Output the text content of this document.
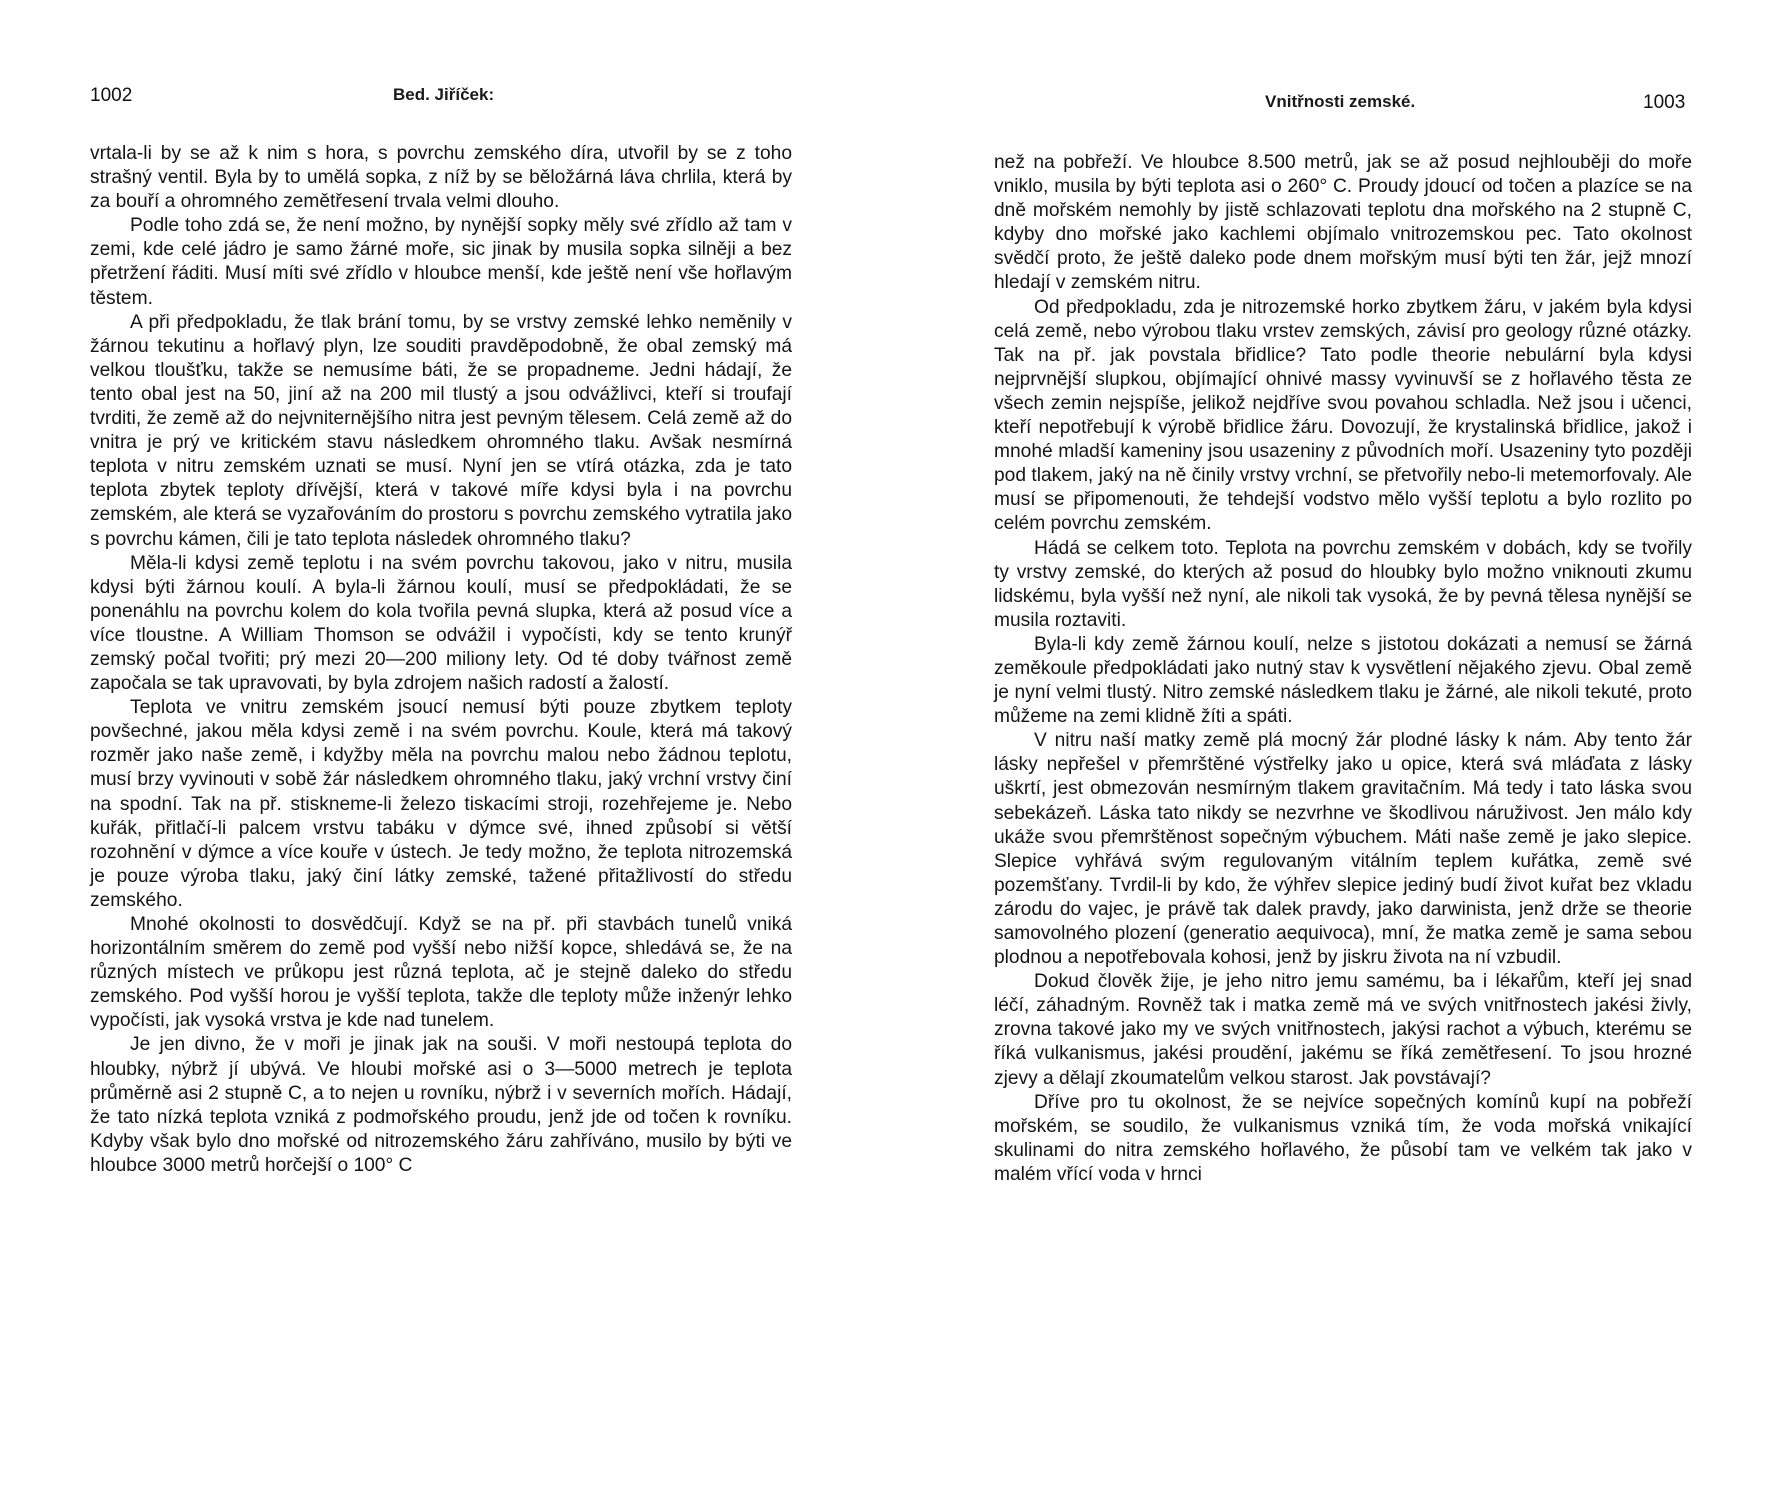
1002	Bed. Jiříček:

vrtala-li by se až k nim s hora, s povrchu zemského díra, utvořil by se z toho strašný ventil. Byla by to umělá sopka, z níž by se běložárná láva chrlila, která by za bouří a ohromného zemětřesení trvala velmi dlouho.

Podle toho zdá se, že není možno, by nynější sopky měly své zřídlo až tam v zemi, kde celé jádro je samo žárné moře, sic jinak by musila sopka silněji a bez přetržení řáditi. Musí míti své zřídlo v hloubce menší, kde ještě není vše hořlavým těstem.

A při předpokladu, že tlak brání tomu, by se vrstvy zemské lehko neměnily v žárnou tekutinu a hořlavý plyn, lze souditi pravděpodobně, že obal zemský má velkou tloušťku, takže se nemusíme báti, že se propadneme. Jedni hádají, že tento obal jest na 50, jiní až na 200 mil tlustý a jsou odvážlivci, kteří si troufají tvrditi, že země až do nejvniternějšího nitra jest pevným tělesem. Celá země až do vnitra je prý ve kritickém stavu následkem ohromného tlaku. Avšak nesmírná teplota v nitru zemském uznati se musí. Nyní jen se vtírá otázka, zda je tato teplota zbytek teploty dřívější, která v takové míře kdysi byla i na povrchu zemském, ale která se vyzařováním do prostoru s povrchu zemského vytratila jako s povrchu kámen, čili je tato teplota následek ohromného tlaku?

Měla-li kdysi země teplotu i na svém povrchu takovou, jako v nitru, musila kdysi býti žárnou koulí. A byla-li žárnou koulí, musí se předpokládati, že se ponenáhlu na povrchu kolem do kola tvořila pevná slupka, která až posud více a více tloustne. A William Thomson se odvážil i vypočísti, kdy se tento krunýř zemský počal tvořiti; prý mezi 20—200 miliony lety. Od té doby tvářnost země započala se tak upravovati, by byla zdrojem našich radostí a žalostí.

Teplota ve vnitru zemském jsoucí nemusí býti pouze zbytkem teploty povšechné, jakou měla kdysi země i na svém povrchu. Koule, která má takový rozměr jako naše země, i kdyžby měla na povrchu malou nebo žádnou teplotu, musí brzy vyvinouti v sobě žár následkem ohromného tlaku, jaký vrchní vrstvy činí na spodní. Tak na př. stiskneme-li železo tiskacími stroji, rozehřejeme je. Nebo kuřák, přitlačí-li palcem vrstvu tabáku v dýmce své, ihned způsobí si větší rozohnění v dýmce a více kouře v ústech. Je tedy možno, že teplota nitrozemská je pouze výroba tlaku, jaký činí látky zemské, tažené přitažlivostí do středu zemského.

Mnohé okolnosti to dosvědčují. Když se na př. při stavbách tunelů vniká horizontálním směrem do země pod vyšší nebo nižší kopce, shledává se, že na různých místech ve průkopu jest různá teplota, ač je stejně daleko do středu zemského. Pod vyšší horou je vyšší teplota, takže dle teploty může inženýr lehko vypočísti, jak vysoká vrstva je kde nad tunelem.

Je jen divno, že v moři je jinak jak na souši. V moři nestoupá teplota do hloubky, nýbrž jí ubývá. Ve hloubi mořské asi o 3—5000 metrech je teplota průměrně asi 2 stupně C, a to nejen u rovníku, nýbrž i v severních mořích. Hádají, že tato nízká teplota vzniká z podmořského proudu, jenž jde od točen k rovníku. Kdyby však bylo dno mořské od nitrozemského žáru zahříváno, musilo by býti ve hloubce 3000 metrů horčejší o 100° C

Vnitřnosti zemské.	1003

než na pobřeží. Ve hloubce 8.500 metrů, jak se až posud nejhlouběji do moře vniklo, musila by býti teplota asi o 260° C. Proudy jdoucí od točen a plazíce se na dně mořském nemohly by jistě schlazovati teplotu dna mořského na 2 stupně C, kdyby dno mořské jako kachlemi objímalo vnitrozemskou pec. Tato okolnost svědčí proto, že ještě daleko pode dnem mořským musí býti ten žár, jejž mnozí hledají v zemském nitru.

Od předpokladu, zda je nitrozemské horko zbytkem žáru, v jakém byla kdysi celá země, nebo výrobou tlaku vrstev zemských, závisí pro geology různé otázky. Tak na př. jak povstala břidlice? Tato podle theorie nebulární byla kdysi nejprvnější slupkou, objímající ohnivé massy vyvinuvší se z hořlavého těsta ze všech zemin nejspíše, jelikož nejdříve svou povahou schladla. Než jsou i učenci, kteří nepotřebují k výrobě břidlice žáru. Dovozují, že krystalinská břidlice, jakož i mnohé mladší kameniny jsou usazeniny z původních moří. Usazeniny tyto později pod tlakem, jaký na ně činily vrstvy vrchní, se přetvořily nebo-li metemorfovaly. Ale musí se připomenouti, že tehdejší vodstvo mělo vyšší teplotu a bylo rozlito po celém povrchu zemském.

Hádá se celkem toto. Teplota na povrchu zemském v dobách, kdy se tvořily ty vrstvy zemské, do kterých až posud do hloubky bylo možno vniknouti zkumu lidskému, byla vyšší než nyní, ale nikoli tak vysoká, že by pevná tělesa nynější se musila roztaviti.

Byla-li kdy země žárnou koulí, nelze s jistotou dokázati a nemusí se žárná zeměkoule předpokládati jako nutný stav k vysvětlení nějakého zjevu. Obal země je nyní velmi tlustý. Nitro zemské následkem tlaku je žárné, ale nikoli tekuté, proto můžeme na zemi klidně žíti a spáti.

V nitru naší matky země plá mocný žár plodné lásky k nám. Aby tento žár lásky nepřešel v přemrštěné výstřelky jako u opice, která svá mláďata z lásky uškrtí, jest obmezován nesmírným tlakem gravitačním. Má tedy i tato láska svou sebekázeň. Láska tato nikdy se nezvrhne ve škodlivou náruživost. Jen málo kdy ukáže svou přemrštěnost sopečným výbuchem. Máti naše země je jako slepice. Slepice vyhřává svým regulovaným vitálním teplem kuřátka, země své pozemšťany. Tvrdil-li by kdo, že výhřev slepice jediný budí život kuřat bez vkladu zárodu do vajec, je právě tak dalek pravdy, jako darwinista, jenž drže se theorie samovolného plození (generatio aequivoca), mní, že matka země je sama sebou plodnou a nepotřebovala kohosi, jenž by jiskru života na ní vzbudil.

Dokud člověk žije, je jeho nitro jemu samému, ba i lékařům, kteří jej snad léčí, záhadným. Rovněž tak i matka země má ve svých vnitřnostech jakési živly, zrovna takové jako my ve svých vnitřnostech, jakýsi rachot a výbuch, kterému se říká vulkanismus, jakési proudění, jakému se říká zemětřesení. To jsou hrozné zjevy a dělají zkoumatelům velkou starost. Jak povstávají?

Dříve pro tu okolnost, že se nejvíce sopečných komínů kupí na pobřeží mořském, se soudilo, že vulkanismus vzniká tím, že voda mořská vnikající skulinami do nitra zemského hořlavého, že působí tam ve velkém tak jako v malém vřící voda v hrnci
